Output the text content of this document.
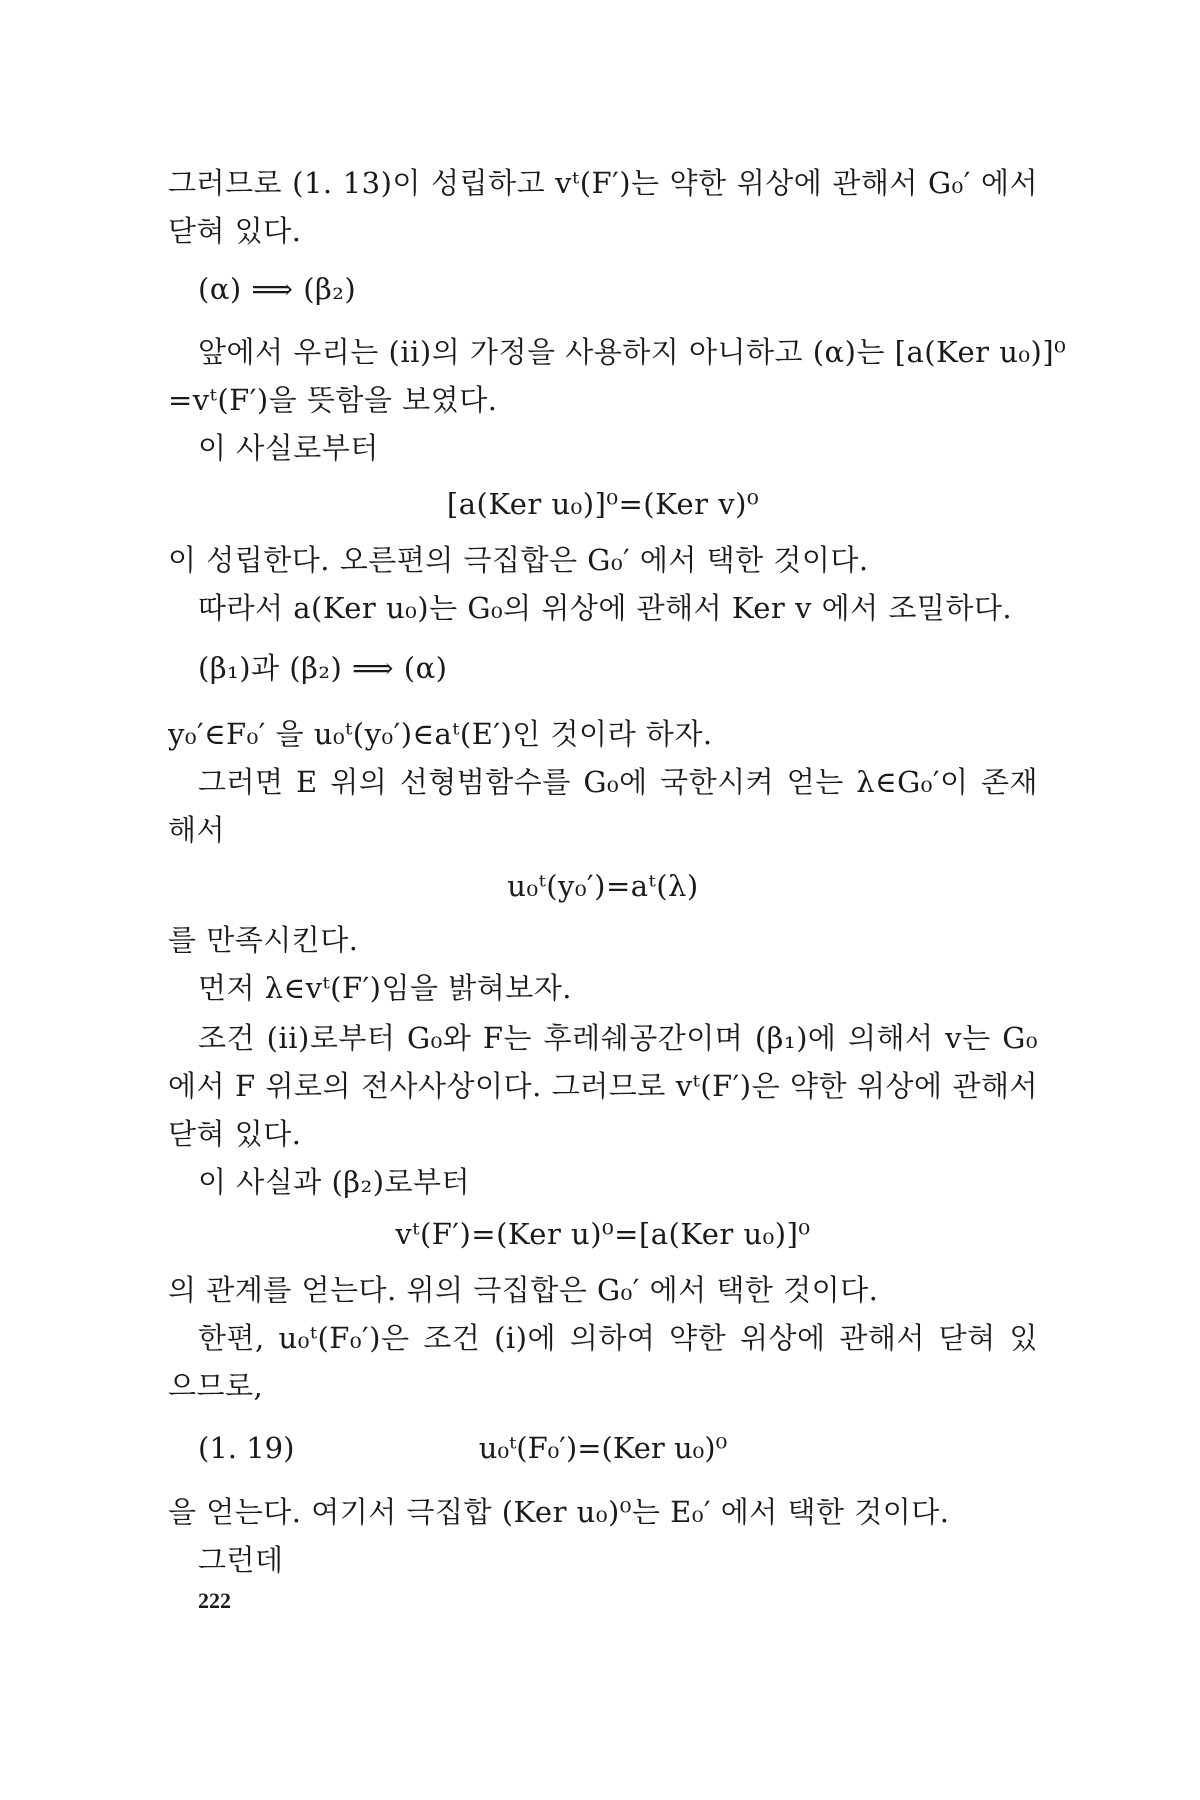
그러므로 (1. 13)이 성립하고 vᵗ(F′)는 약한 위상에 관해서 G₀′ 에서
닫혀 있다.
(α) ⟹ (β₂)
앞에서 우리는 (ii)의 가정을 사용하지 아니하고 (α)는 [a(Ker u₀)]⁰
=vᵗ(F′)을 뜻함을 보였다.
이 사실로부터
[a(Ker u₀)]⁰=(Ker v)⁰
이 성립한다. 오른편의 극집합은 G₀′ 에서 택한 것이다.
따라서 a(Ker u₀)는 G₀의 위상에 관해서 Ker v 에서 조밀하다.
(β₁)과 (β₂) ⟹ (α)
y₀′∈F₀′ 을 u₀ᵗ(y₀′)∈aᵗ(E′)인 것이라 하자.
그러면 E 위의 선형범함수를 G₀에 국한시켜 얻는 λ∈G₀′이 존재
해서
u₀ᵗ(y₀′)=aᵗ(λ)
를 만족시킨다.
먼저 λ∈vᵗ(F′)임을 밝혀보자.
조건 (ii)로부터 G₀와 F는 후레쉐공간이며 (β₁)에 의해서 v는 G₀
에서 F 위로의 전사사상이다. 그러므로 vᵗ(F′)은 약한 위상에 관해서
닫혀 있다.
이 사실과 (β₂)로부터
vᵗ(F′)=(Ker u)⁰=[a(Ker u₀)]⁰
의 관계를 얻는다. 위의 극집합은 G₀′ 에서 택한 것이다.
한편, u₀ᵗ(F₀′)은 조건 (i)에 의하여 약한 위상에 관해서 닫혀 있
으므로,
(1. 19)	u₀ᵗ(F₀′)=(Ker u₀)⁰
을 얻는다. 여기서 극집합 (Ker u₀)⁰는 E₀′ 에서 택한 것이다.
그런데
222
